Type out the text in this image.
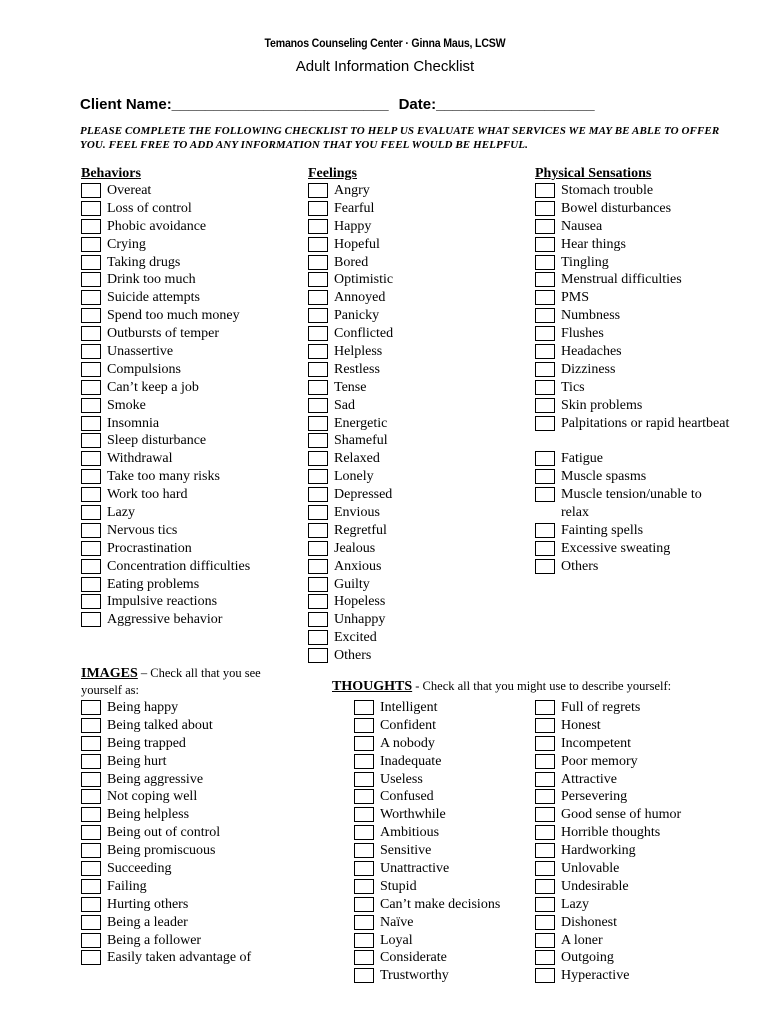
Temanos Counseling Center · Ginna Maus, LCSW
Adult Information Checklist
Client Name:__________________________ Date:___________________
PLEASE COMPLETE THE FOLLOWING CHECKLIST TO HELP US EVALUATE WHAT SERVICES WE MAY BE ABLE TO OFFER YOU. FEEL FREE TO ADD ANY INFORMATION THAT YOU FEEL WOULD BE HELPFUL.
Behaviors
Overeat
Loss of control
Phobic avoidance
Crying
Taking drugs
Drink too much
Suicide attempts
Spend too much money
Outbursts of temper
Unassertive
Compulsions
Can’t keep a job
Smoke
Insomnia
Sleep disturbance
Withdrawal
Take too many risks
Work too hard
Lazy
Nervous tics
Procrastination
Concentration difficulties
Eating problems
Impulsive reactions
Aggressive behavior
Feelings
Angry
Fearful
Happy
Hopeful
Bored
Optimistic
Annoyed
Panicky
Conflicted
Helpless
Restless
Tense
Sad
Energetic
Shameful
Relaxed
Lonely
Depressed
Envious
Regretful
Jealous
Anxious
Guilty
Hopeless
Unhappy
Excited
Others
Physical Sensations
Stomach trouble
Bowel disturbances
Nausea
Hear things
Tingling
Menstrual difficulties
PMS
Numbness
Flushes
Headaches
Dizziness
Tics
Skin problems
Palpitations or rapid heartbeat
Fatigue
Muscle spasms
Muscle tension/unable to relax
Fainting spells
Excessive sweating
Others
IMAGES – Check all that you see yourself as:
Being happy
Being talked about
Being trapped
Being hurt
Being aggressive
Not coping well
Being helpless
Being out of control
Being promiscuous
Succeeding
Failing
Hurting others
Being a leader
Being a follower
Easily taken advantage of
THOUGHTS - Check all that you might use to describe yourself:
Intelligent
Confident
A nobody
Inadequate
Useless
Confused
Worthwhile
Ambitious
Sensitive
Unattractive
Stupid
Can’t make decisions
Naïve
Loyal
Considerate
Trustworthy
Full of regrets
Honest
Incompetent
Poor memory
Attractive
Persevering
Good sense of humor
Horrible thoughts
Hardworking
Unlovable
Undesirable
Lazy
Dishonest
A loner
Outgoing
Hyperactive
